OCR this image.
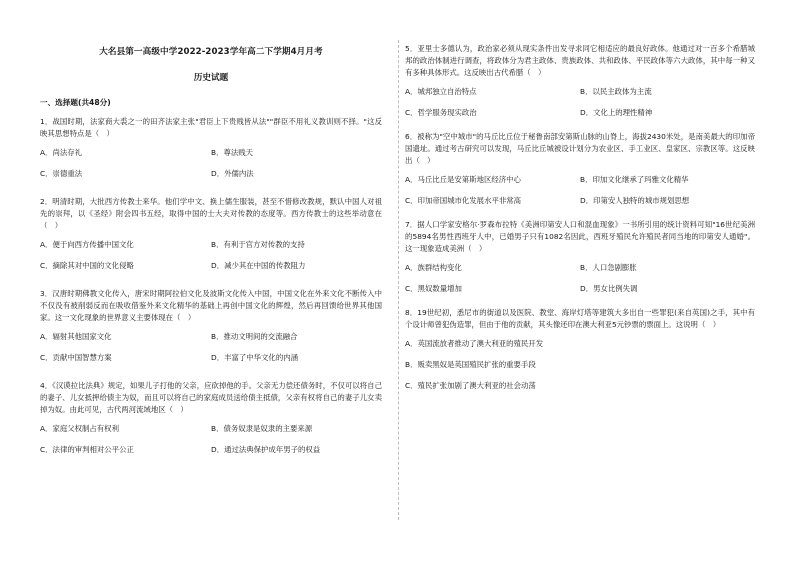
大名县第一高级中学2022-2023学年高二下学期4月月考
历史试题
一、选择题(共48分)
1．战国时期，法家商大裘之一的田齐法家主张"君臣上下贵贱皆从法""群臣不用礼义教训则不择。"这反映其思想特点是（　）
A．尚法存礼	B．尊法贱天
C．崇德重法	D．外儒内法
2．明清时期，大批西方传教士来华。他们学中文、换上儒生服装，甚至不惜修改教规，默认中国人对祖先的崇拜，以《圣经》附会四书五经，取得中国的士大夫对传教的态度等。西方传教士的这些举动意在（　）
A．便于向西方传播中国文化	B．有利于官方对传教的支持
C．摘除其对中国的文化侵略	D．减少其在中国的传教阻力
3．汉唐时期佛教文化传入，唐宋时期阿拉伯文化及波斯文化传入中国，中国文化在外来文化不断传入中不仅没有被削弱反而在吸收借鉴外来文化精华的基础上再创中国文化的辉煌，然后再回馈给世界其他国家。这一文化现象的世界意义主要体现在（　）
A．辐射其他国家文化	B．推动文明间的交流融合
C．贡献中国智慧方案	D．丰富了中华文化的内涵
4．《汉谟拉比法典》规定，如果儿子打他的父亲，应砍掉他的手。父亲无力偿还债务时，不仅可以将自己的妻子、儿女抵押给债主为奴，而且可以将自己的家庭成员送给债主抵债，父亲有权将自己的妻子儿女卖掉为奴。由此可见，古代两河流域地区（　）
A．家庭父权制占有权利	B．债务奴隶是奴隶的主要来源
C．法律的审判相对公平公正	D．通过法典保护成年男子的权益
5．亚里士多德认为，政治家必须从现实条件出发寻求同它相适应的最良好政体。他通过对一百多个希腊城邦的政治体制进行调查，将政体分为君主政体、贵族政体、共和政体、平民政体等六大政体，其中每一种又有多种具体形式。这反映出古代希腊（　）
A．城邦独立自治特点	B．以民主政体为主流
C．哲学服务现实政治	D．文化上的理性精神
6．被称为"空中城市"的马丘比丘位于秘鲁南部安第斯山脉的山脊上，海拔2430米处，是南美最大的印加帝国遗址。通过考古研究可以发现，马丘比丘城被设计划分为农业区、手工业区、皇家区、宗教区等。这反映出（　）
A．马丘比丘是安第斯地区经济中心	B．印加文化继承了玛雅文化精华
C．印加帝国城市化发展水平非常高	D．印第安人独特的城市规划思想
7．据人口学家安格尔·罗森布拉特《美洲印第安人口和混血现象》一书所引用的统计资料可知"16世纪美洲的5894名男性西班牙人中，已婚男子只有1082名因此，西班牙殖民允许殖民者同当地的印第安人通婚"。这一现象造成美洲（　）
A．族群结构变化	B．人口急剧膨胀
C．黑奴数量增加	D．男女比例失调
8．19世纪初，悉尼市的街道以及医院、教堂、海岸灯塔等建筑大多出自一些罪犯(来自英国)之手，其中有个设计师曾犯伪造罪，但由于他的贡献，其头像还印在澳大利亚5元钞票的票面上。这说明（　）
A．英国流放者推动了澳大利亚的殖民开发
B．贩卖黑奴是英国殖民扩张的重要手段
C．殖民扩张加剧了澳大利亚的社会动荡
